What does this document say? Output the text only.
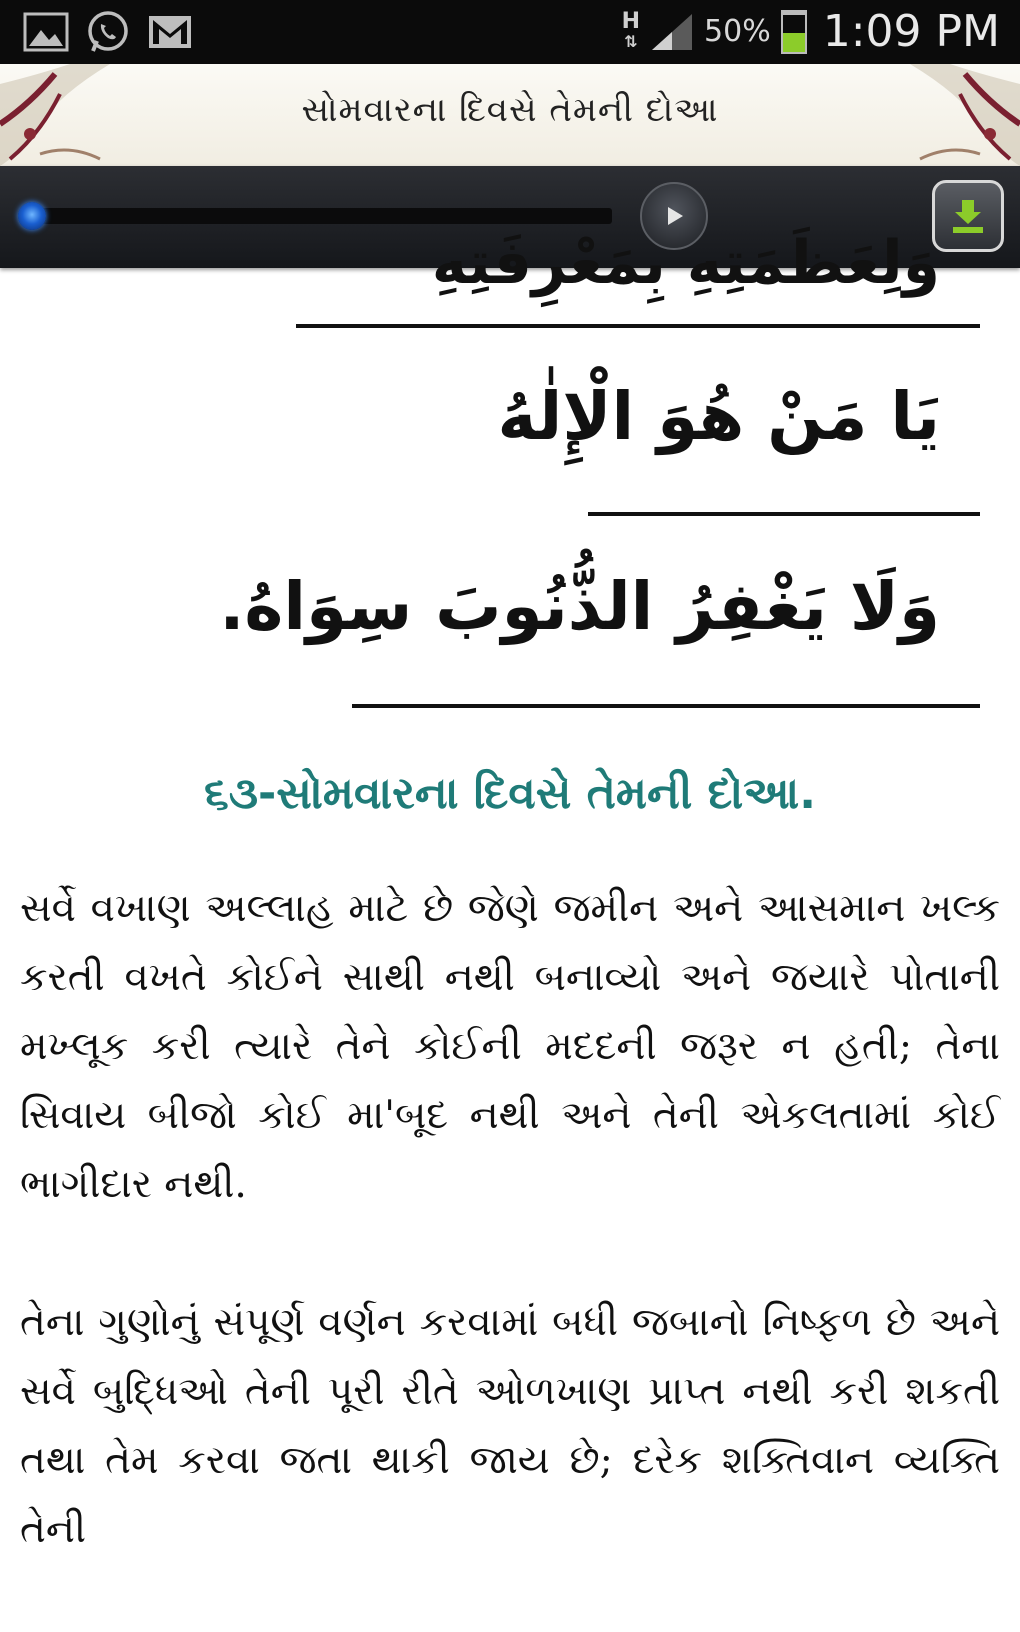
H
⇅ 50% 1:09 PM
સોમવારના દિવસે તેમની દોઆ
وَلِعَظَمَتِهِ بِمَعْرِفَتِهِ
يَا مَنْ هُوَ الْإِلٰهُ
وَلَا يَغْفِرُ الذُّنُوبَ سِوَاهُ.
૬૩-સોમવારના દિવસે તેમની દોઆ.
સર્વે વખાણ અલ્લાહ માટે છે જેણે જમીન અને આસમાન ખલ્ક કરતી વખતે કોઈને સાથી નથી બનાવ્યો અને જયારે પોતાની મખ્લૂક કરી ત્યારે તેને કોઈની મદદની જરૂર ન હતી; તેના સિવાય બીજો કોઈ મા'બૂદ નથી અને તેની એકલતામાં કોઈ ભાગીદાર નથી.
તેના ગુણોનું સંપૂર્ણ વર્ણન કરવામાં બધી જબાનો નિષ્ફળ છે અને સર્વે બુદ્ધિઓ તેની પૂરી રીતે ઓળખાણ પ્રાપ્ત નથી કરી શકતી તથા તેમ કરવા જતા થાકી જાય છે; દરેક શક્તિવાન વ્યક્તિ તેની
